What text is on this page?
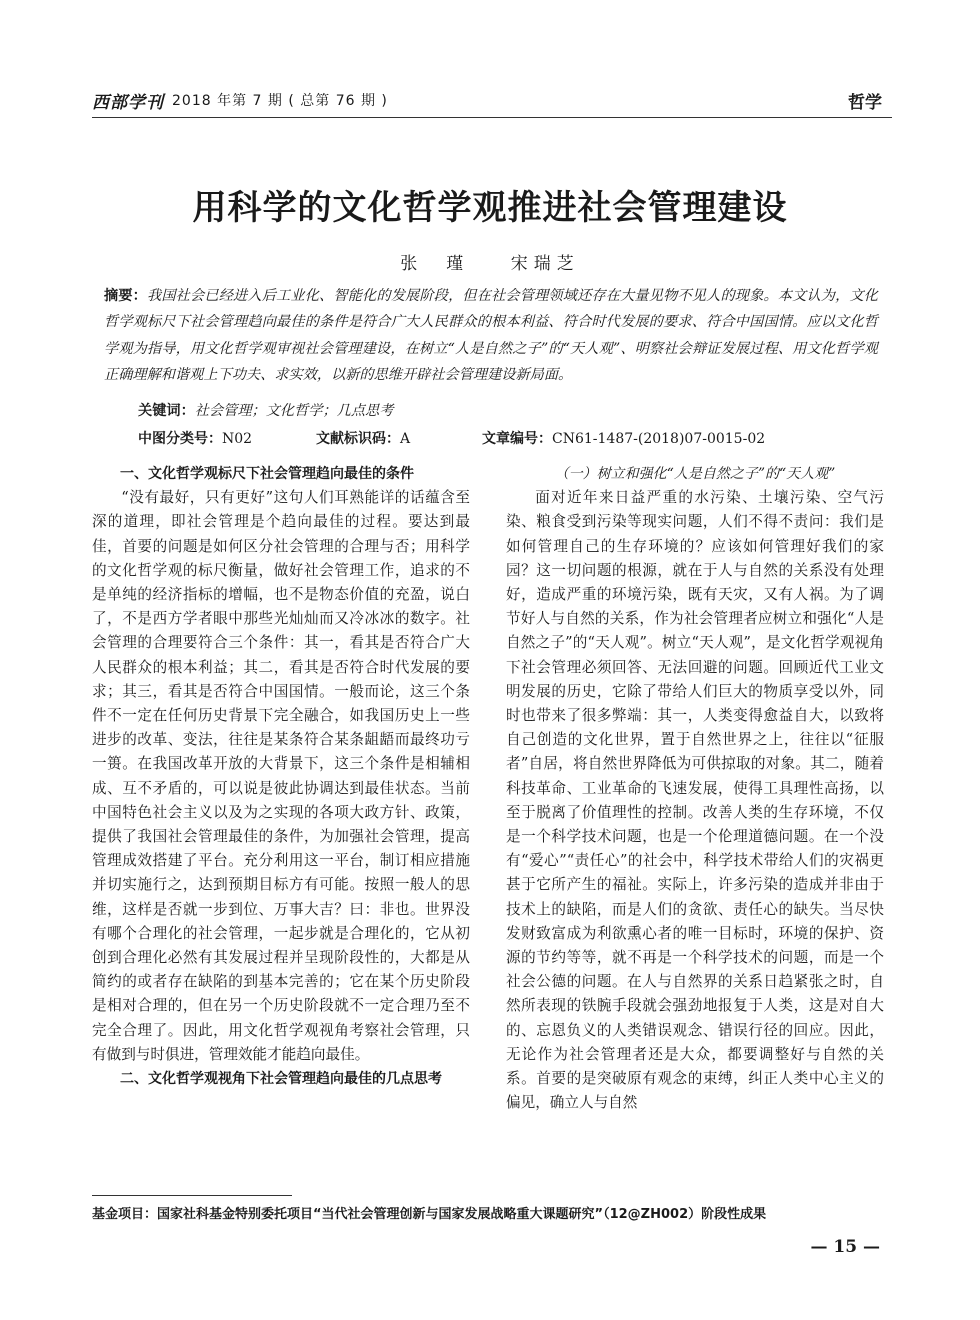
西部学刊 2018 年第 7 期 ( 总第 76 期 )	哲学
用科学的文化哲学观推进社会管理建设
张　瑾 宋瑞芝
摘要：我国社会已经进入后工业化、智能化的发展阶段，但在社会管理领域还存在大量见物不见人的现象。本文认为，文化哲学观标尺下社会管理趋向最佳的条件是符合广大人民群众的根本利益、符合时代发展的要求、符合中国国情。应以文化哲学观为指导，用文化哲学观审视社会管理建设，在树立“人是自然之子”的“天人观”、明察社会辩证发展过程、用文化哲学观正确理解和谐观上下功夫、求实效，以新的思维开辟社会管理建设新局面。
关键词：社会管理；文化哲学；几点思考
中图分类号：N02	文献标识码：A	文章编号：CN61-1487-(2018)07-0015-02
一、文化哲学观标尺下社会管理趋向最佳的条件

“没有最好，只有更好”这句人们耳熟能详的话蕴含至深的道理，即社会管理是个趋向最佳的过程。要达到最佳，首要的问题是如何区分社会管理的合理与否；用科学的文化哲学观的标尺衡量，做好社会管理工作，追求的不是单纯的经济指标的增幅，也不是物态价值的充盈，说白了，不是西方学者眼中那些光灿灿而又冷冰冰的数字。社会管理的合理要符合三个条件：其一，看其是否符合广大人民群众的根本利益；其二，看其是否符合时代发展的要求；其三，看其是否符合中国国情。一般而论，这三个条件不一定在任何历史背景下完全融合，如我国历史上一些进步的改革、变法，往往是某条符合某条龃龉而最终功亏一篑。在我国改革开放的大背景下，这三个条件是相辅相成、互不矛盾的，可以说是彼此协调达到最佳状态。当前中国特色社会主义以及为之实现的各项大政方针、政策，提供了我国社会管理最佳的条件，为加强社会管理，提高管理成效搭建了平台。充分利用这一平台，制订相应措施并切实施行之，达到预期目标方有可能。按照一般人的思维，这样是否就一步到位、万事大吉？曰：非也。世界没有哪个合理化的社会管理，一起步就是合理化的，它从初创到合理化必然有其发展过程并呈现阶段性的，大都是从简约的或者存在缺陷的到基本完善的；它在某个历史阶段是相对合理的，但在另一个历史阶段就不一定合理乃至不完全合理了。因此，用文化哲学观视角考察社会管理，只有做到与时俱进，管理效能才能趋向最佳。

二、文化哲学观视角下社会管理趋向最佳的几点思考
（一）树立和强化“人是自然之子”的“天人观”

面对近年来日益严重的水污染、土壤污染、空气污染、粮食受到污染等现实问题，人们不得不责问：我们是如何管理自己的生存环境的？应该如何管理好我们的家园？这一切问题的根源，就在于人与自然的关系没有处理好，造成严重的环境污染，既有天灾，又有人祸。为了调节好人与自然的关系，作为社会管理者应树立和强化“人是自然之子”的“天人观”。树立“天人观”，是文化哲学观视角下社会管理必须回答、无法回避的问题。回顾近代工业文明发展的历史，它除了带给人们巨大的物质享受以外，同时也带来了很多弊端：其一，人类变得愈益自大，以致将自己创造的文化世界，置于自然世界之上，往往以“征服者”自居，将自然世界降低为可供掠取的对象。其二，随着科技革命、工业革命的飞速发展，使得工具理性高扬，以至于脱离了价值理性的控制。改善人类的生存环境，不仅是一个科学技术问题，也是一个伦理道德问题。在一个没有“爱心”“责任心”的社会中，科学技术带给人们的灾祸更甚于它所产生的福祉。实际上，许多污染的造成并非由于技术上的缺陷，而是人们的贪欲、责任心的缺失。当尽快发财致富成为利欲熏心者的唯一目标时，环境的保护、资源的节约等等，就不再是一个科学技术的问题，而是一个社会公德的问题。在人与自然界的关系日趋紧张之时，自然所表现的铁腕手段就会强劲地报复于人类，这是对自大的、忘恩负义的人类错误观念、错误行径的回应。因此，无论作为社会管理者还是大众，都要调整好与自然的关系。首要的是突破原有观念的束缚，纠正人类中心主义的偏见，确立人与自然

基金项目：国家社科基金特别委托项目“当代社会管理创新与国家发展战略重大课题研究”（12@ZH002）阶段性成果
— 15 —
